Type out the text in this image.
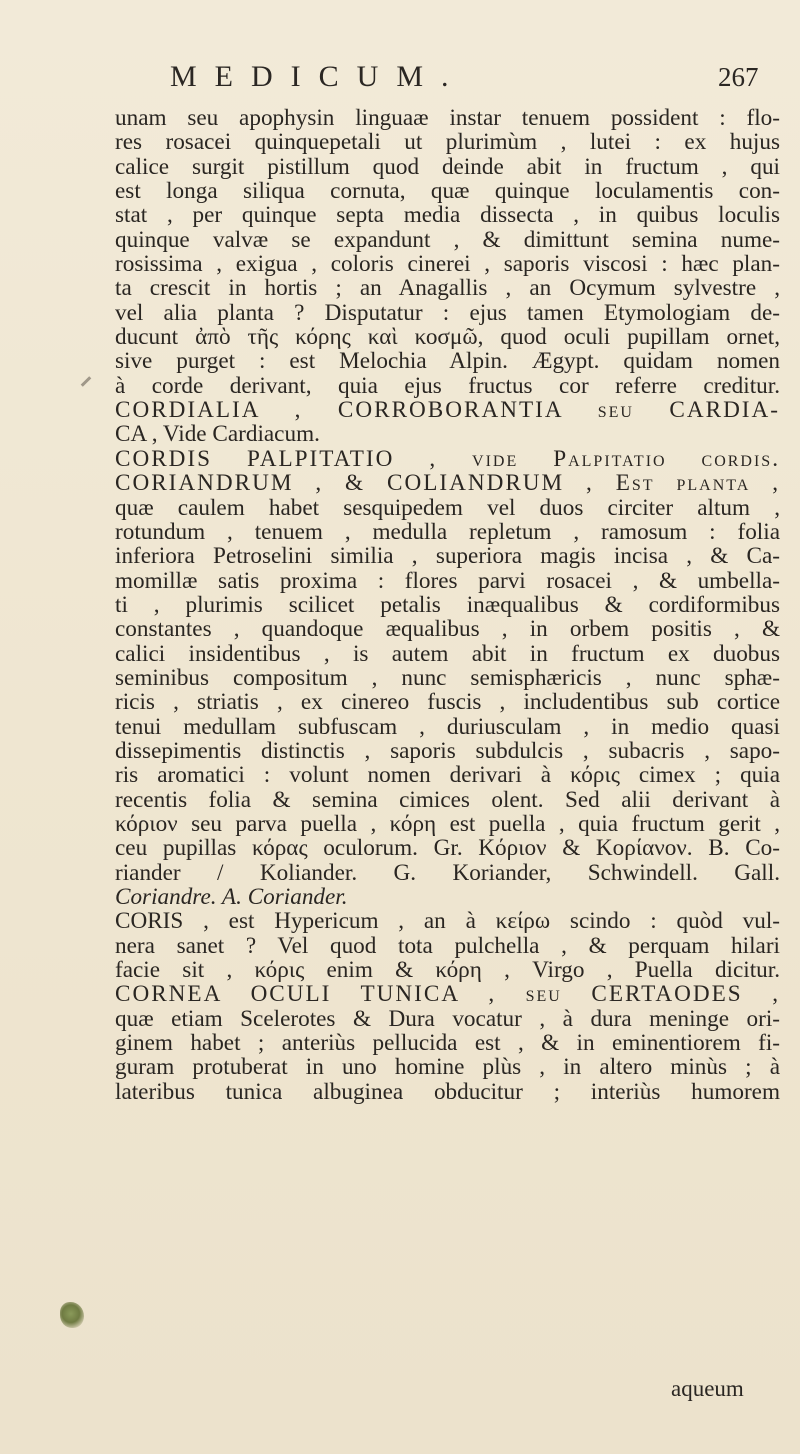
MEDICUM.	267
unam seu apophysin linguaæ instar tenuem possident : flo-
res rosacei quinquepetali ut plurimùm , lutei : ex hujus
calice surgit pistillum quod deinde abit in fructum , qui
est longa siliqua cornuta, quæ quinque loculamentis con-
stat , per quinque septa media dissecta , in quibus loculis
quinque valvæ se expandunt , & dimittunt semina nume-
rosissima , exigua , coloris cinerei , saporis viscosi : hæc plan-
ta crescit in hortis ; an Anagallis , an Ocymum sylvestre ,
vel alia planta ? Disputatur : ejus tamen Etymologiam de-
ducunt ἀπὸ τῆς κόρης καὶ κοσμῶ, quod oculi pupillam ornet,
sive purget : est Melochia Alpin. Ægypt. quidam nomen
à corde derivant, quia ejus fructus cor referre creditur.
CORDIALIA , CORROBORANTIA seu CARDIA-
CA , Vide Cardiacum.
CORDIS PALPITATIO , vide Palpitatio cordis.
CORIANDRUM , & COLIANDRUM , Est planta ,
quæ caulem habet sesquipedem vel duos circiter altum ,
rotundum , tenuem , medulla repletum , ramosum : folia
inferiora Petroselini similia , superiora magis incisa , & Ca-
momillæ satis proxima : flores parvi rosacei , & umbella-
ti , plurimis scilicet petalis inæqualibus & cordiformibus
constantes , quandoque æqualibus , in orbem positis , &
calici insidentibus , is autem abit in fructum ex duobus
seminibus compositum , nunc semisphæricis , nunc sphæ-
ricis , striatis , ex cinereo fuscis , includentibus sub cortice
tenui medullam subfuscam , duriusculam , in medio quasi
dissepimentis distinctis , saporis subdulcis , subacris , sapo-
ris aromatici : volunt nomen derivari à κόρις cimex ; quia
recentis folia & semina cimices olent. Sed alii derivant à
κόριον seu parva puella , κόρη est puella , quia fructum gerit ,
ceu pupillas κόρας oculorum. Gr. Κόριον & Κορίανον. B. Co-
riander / Koliander. G. Koriander, Schwindell. Gall.
Coriandre. A. Coriander.
CORIS , est Hypericum , an à κείρω scindo : quòd vul-
nera sanet ? Vel quod tota pulchella , & perquam hilari
facie sit , κόρις enim & κόρη , Virgo , Puella dicitur.
CORNEA OCULI TUNICA , seu CERTAODES ,
quæ etiam Scelerotes & Dura vocatur , à dura meninge ori-
ginem habet ; anteriùs pellucida est , & in eminentiorem fi-
guram protuberat in uno homine plùs , in altero minùs ; à
lateribus tunica albuginea obducitur ; interiùs humorem
aqueum
